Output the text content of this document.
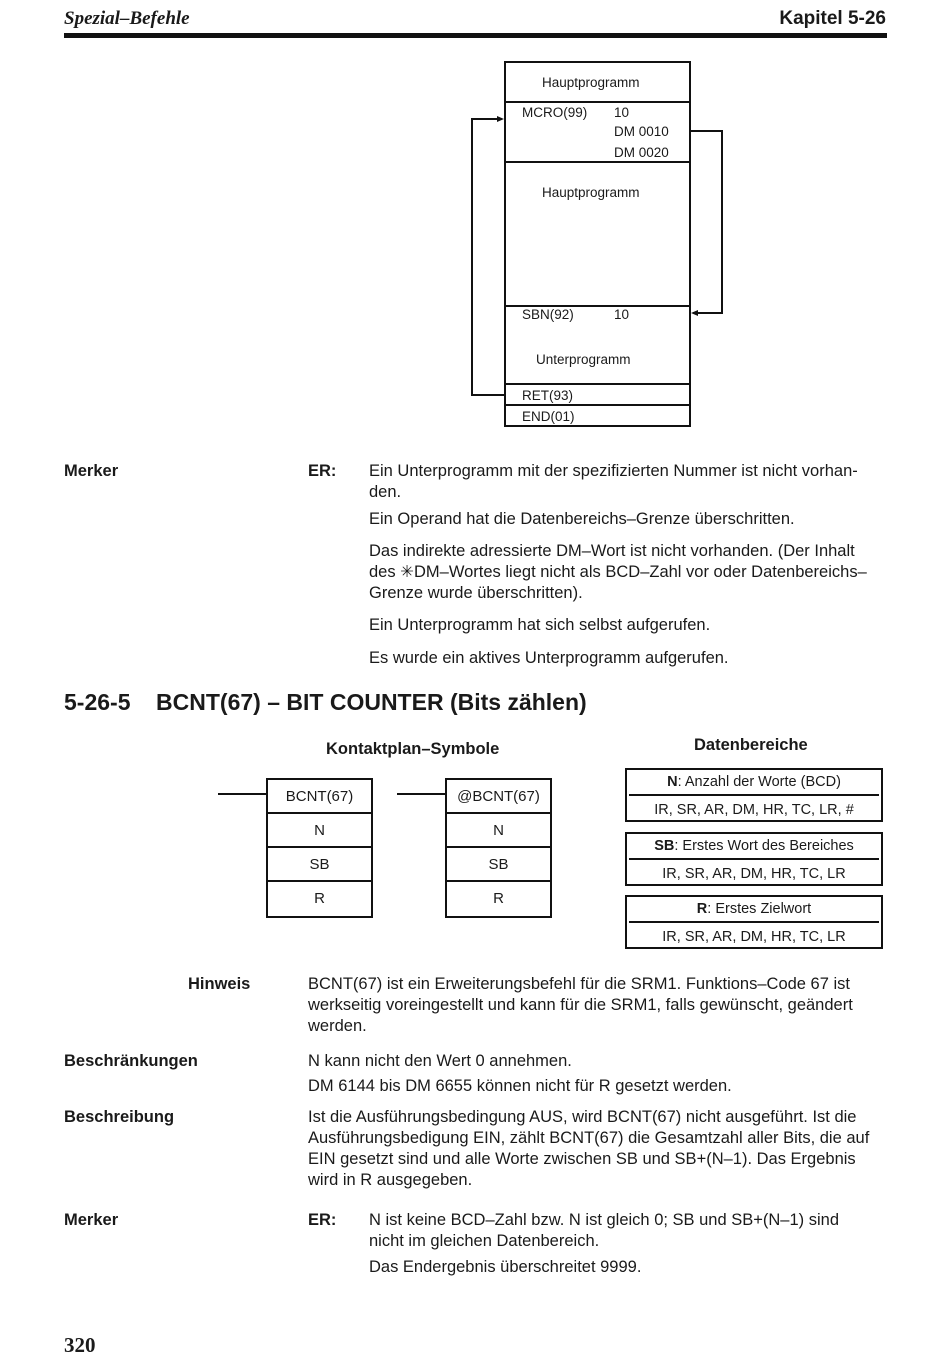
Spezial–Befehle	Kapitel 5-26
Hauptprogramm
MCRO(99) 10
DM 0010
DM 0020
Hauptprogramm
SBN(92)	10
Unterprogramm
RET(93)
END(01)
Merker	ER: Ein Unterprogramm mit der spezifizierten Nummer ist nicht vorhan-
den.

Ein Operand hat die Datenbereichs–Grenze überschritten.

Das indirekte adressierte DM–Wort ist nicht vorhanden. (Der Inhalt
des ✳DM–Wortes liegt nicht als BCD–Zahl vor oder Datenbereichs–
Grenze wurde überschritten).

Ein Unterprogramm hat sich selbst aufgerufen.

Es wurde ein aktives Unterprogramm aufgerufen.

5-26-5    BCNT(67) – BIT COUNTER (Bits zählen)
Kontaktplan–Symbole
BCNT(67)
N
SB
R
@BCNT(67)
N
SB
R
Datenbereiche
N: Anzahl der Worte (BCD)
IR, SR, AR, DM, HR, TC, LR, #
SB: Erstes Wort des Bereiches
IR, SR, AR, DM, HR, TC, LR
R: Erstes Zielwort
IR, SR, AR, DM, HR, TC, LR
Hinweis	BCNT(67) ist ein Erweiterungsbefehl für die SRM1. Funktions–Code 67 ist
werkseitig voreingestellt und kann für die SRM1, falls gewünscht, geändert
werden.

Beschränkungen	N kann nicht den Wert 0 annehmen.

DM 6144 bis DM 6655 können nicht für R gesetzt werden.

Beschreibung	Ist die Ausführungsbedingung AUS, wird BCNT(67) nicht ausgeführt. Ist die
Ausführungsbedigung EIN, zählt BCNT(67) die Gesamtzahl aller Bits, die auf
EIN gesetzt sind und alle Worte zwischen SB und SB+(N–1). Das Ergebnis
wird in R ausgegeben.

Merker	ER: N ist keine BCD–Zahl bzw. N ist gleich 0; SB und SB+(N–1) sind
nicht im gleichen Datenbereich.

Das Endergebnis überschreitet 9999.

320
